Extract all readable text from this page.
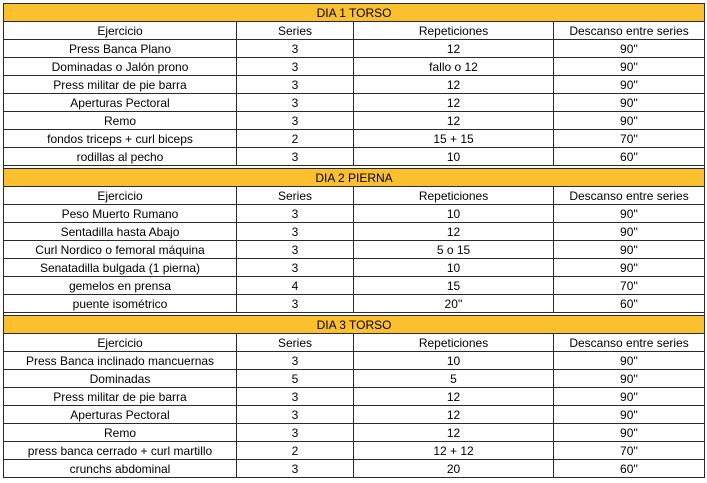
DIA 1 TORSO			
Ejercicio	Series	Repeticiones	Descanso entre series
Press Banca Plano	3	12	90''
Dominadas o Jalón prono	3	fallo o 12	90''
Press militar de pie barra	3	12	90''
Aperturas Pectoral	3	12	90''
Remo	3	12	90''
fondos triceps + curl biceps	2	15 + 15	70''
rodillas al pecho	3	10	60''

DIA 2 PIERNA			
Ejercicio	Series	Repeticiones	Descanso entre series
Peso Muerto Rumano	3	10	90''
Sentadilla hasta Abajo	3	12	90''
Curl Nordico o femoral máquina	3	5 o 15	90''
Senatadilla bulgada (1 pierna)	3	10	90''
gemelos en prensa	4	15	70''
puente isométrico	3	20''	60''

DIA 3 TORSO			
Ejercicio	Series	Repeticiones	Descanso entre series
Press Banca inclinado mancuernas	3	10	90''
Dominadas	5	5	90''
Press militar de pie barra	3	12	90''
Aperturas Pectoral	3	12	90''
Remo	3	12	90''
press banca cerrado + curl martillo	2	12 + 12	70''
crunchs abdominal	3	20	60''
